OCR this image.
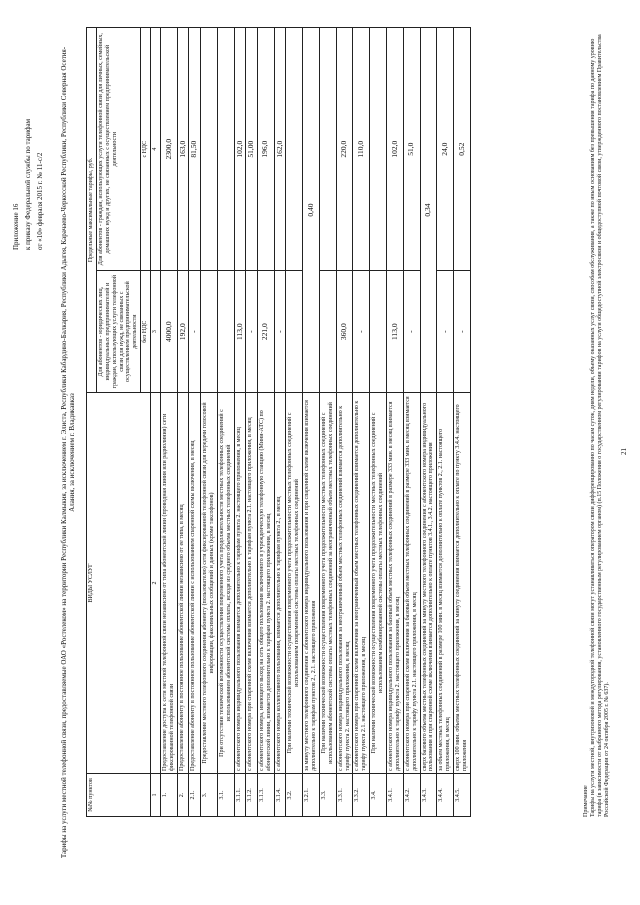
Приложение 16 к приказу Федеральной службы по тарифам от «10» февраля 2015 г. № 11-с/2 Тарифы на услуги местной телефонной связи, предоставляемые ОАО «Ростелеком» на территории Республики Калмыкия, за исключением г. Элиста, Республики Кабардино-Балкария, Республики Адыгея, Карачаево-Черкесской Республики, Республики Северная Осетия-Алания, за исключением г. Владикавказ
№№ пунктов	ВИДЫ УСЛУГ	Предельные максимальные тарифы, руб.	
		Для абонентов - юридических лиц, индивидуальных предпринимателей и граждан, использующих услуги телефонной связи для нужд, не связанных с осуществлением предпринимательской деятельности	Для абонентов - граждан, использующих услуги телефонной связи для личных, семейных, домашних нужд и других, не связанных с осуществлением предпринимательской деятельности
		без НДС	с НДС
1	2	3	4
1.	Предоставление доступа к сети местной телефонной связи независимо от типа абонентской линии (проводная линия или радиолиния) сети фиксированной телефонной связи	4000,0	2300,0
2.	Предоставление абоненту в постоянное пользование абонентской линии независимо от ее типа, в месяц	192,0	163,0
2.1.	Предоставление абоненту в постоянное пользование абонентской линии с использованием спаренной схемы включения, в месяц	-	81,50
3.	Предоставление местного телефонного соединения абоненту (пользователю) сети фиксированной телефонной связи для передачи голосовой информации, факсимильных сообщений и данных (кроме таксофонов)		
3.1.	При отсутствии технической возможности осуществления повременного учета продолжительности местных телефонных соединений с использованием абонентской системы оплаты, исходя из среднего объема местных телефонных соединений		
3.1.1.	с абонентского номера индивидуального пользования взимается дополнительно к тарифам пункта 2. настоящего приложения, в месяц	113,0	102,0
3.1.2.	с абонентского номера при спаренной схеме включения взимается дополнительно к тарифам пункта 2.1. настоящего приложения, в месяц	-	51,00
3.1.3.	с абонентского номера, имеющего выход на сеть общего пользования включенного в учрежденческую телефонную станцию (Мини-АТС) по абонентской линии, взимается дополнительно к тарифам пункта 2. настоящего приложения, в месяц	221,0	196,0
3.1.4.	с абонентского номера коллективного пользования, взимается дополнительно к тарифам пункта 2., в месяц	-	162,0
3.2.	При наличии технической возможности осуществления повременного учета продолжительности местных телефонных соединений с использованием повременной системы оплаты местных телефонных соединений		
3.2.1.	за минуту местного телефонного соединения с абонентского номера индивидуального пользования и при спаренной схеме включения взимается дополнительно к тарифам пунктов 2., 2.1. настоящего приложения	0,40	
3.3.	При наличии технической возможности осуществления повременного учета продолжительности местных телефонных соединений с использованием абонентской системы оплаты местных телефонных соединений за неограниченный объем местных телефонных соединений		
3.3.1.	с абонентского номера индивидуального пользования за неограниченный объем местных телефонных соединений взимается дополнительно к тарифу пункта 2. настоящего приложения, в месяц	360,0	220,0
3.3.2.	с абонентского номера при спаренной схеме включения за неограниченный объем местных телефонных соединений взимается дополнительно к тарифу пункта 2.1. настоящего приложения, в месяц	-	110,0
3.4.	При наличии технической возможности осуществления повременного учета продолжительности местных телефонных соединений с использованием комбинированной системы оплаты местных телефонных соединений		
3.4.1.	с абонентского номера индивидуального пользования за базовый объем местных телефонных соединений в размере 333 мин. в месяц взимается дополнительно к тарифу пункта 2. настоящего приложения, в месяц	113,0	102,0
3.4.2.	с абонентского номера при спаренной схеме включения за базовый объем местных телефонных соединений в размере 333 мин. в месяц взимается дополнительно к тарифу пункта 2.1. настоящего приложения, в месяц	-	51,0
3.4.3.	сверх базового объема местных телефонных соединений за минуту местного телефонного соединения с абонентского номера индивидуального пользования и при спаренной схеме включения взимается дополнительно к оплате пунктов 3.4.1., 3.4.2. настоящего приложения	0,34	
3.4.4.	за объем местных телефонных соединений в размере 100 мин. в месяц взимается дополнительно к оплате пунктов 2., 2.1. настоящего приложения, в месяц	-	24,0
3.4.5.	сверх 100 мин. объема местных телефонных соединений за минуту соединения взимается дополнительно к оплате по пункту 3.4.4. настоящего приложения	-	0,52
Примечание Тарифы на услуги местной, внутризоновой и междугородной телефонной связи могут устанавливаться оператором связи дифференцированно по часам суток, дням недели, объему оказанных услуг связи, способам обслуживания, а также по иным основаниям без превышения тарифа по данному уровню тарифа (в зависимости от выбранного метода регулирования, установленного государственным регулированием органом) (п.15 Положения о государственном регулировании тарифов на услуги общедоступной электросвязи и общедоступной почтовой связи, утвержденного постановлением Правительства Российской Федерации от 24 октября 2005 г. № 637).
21
